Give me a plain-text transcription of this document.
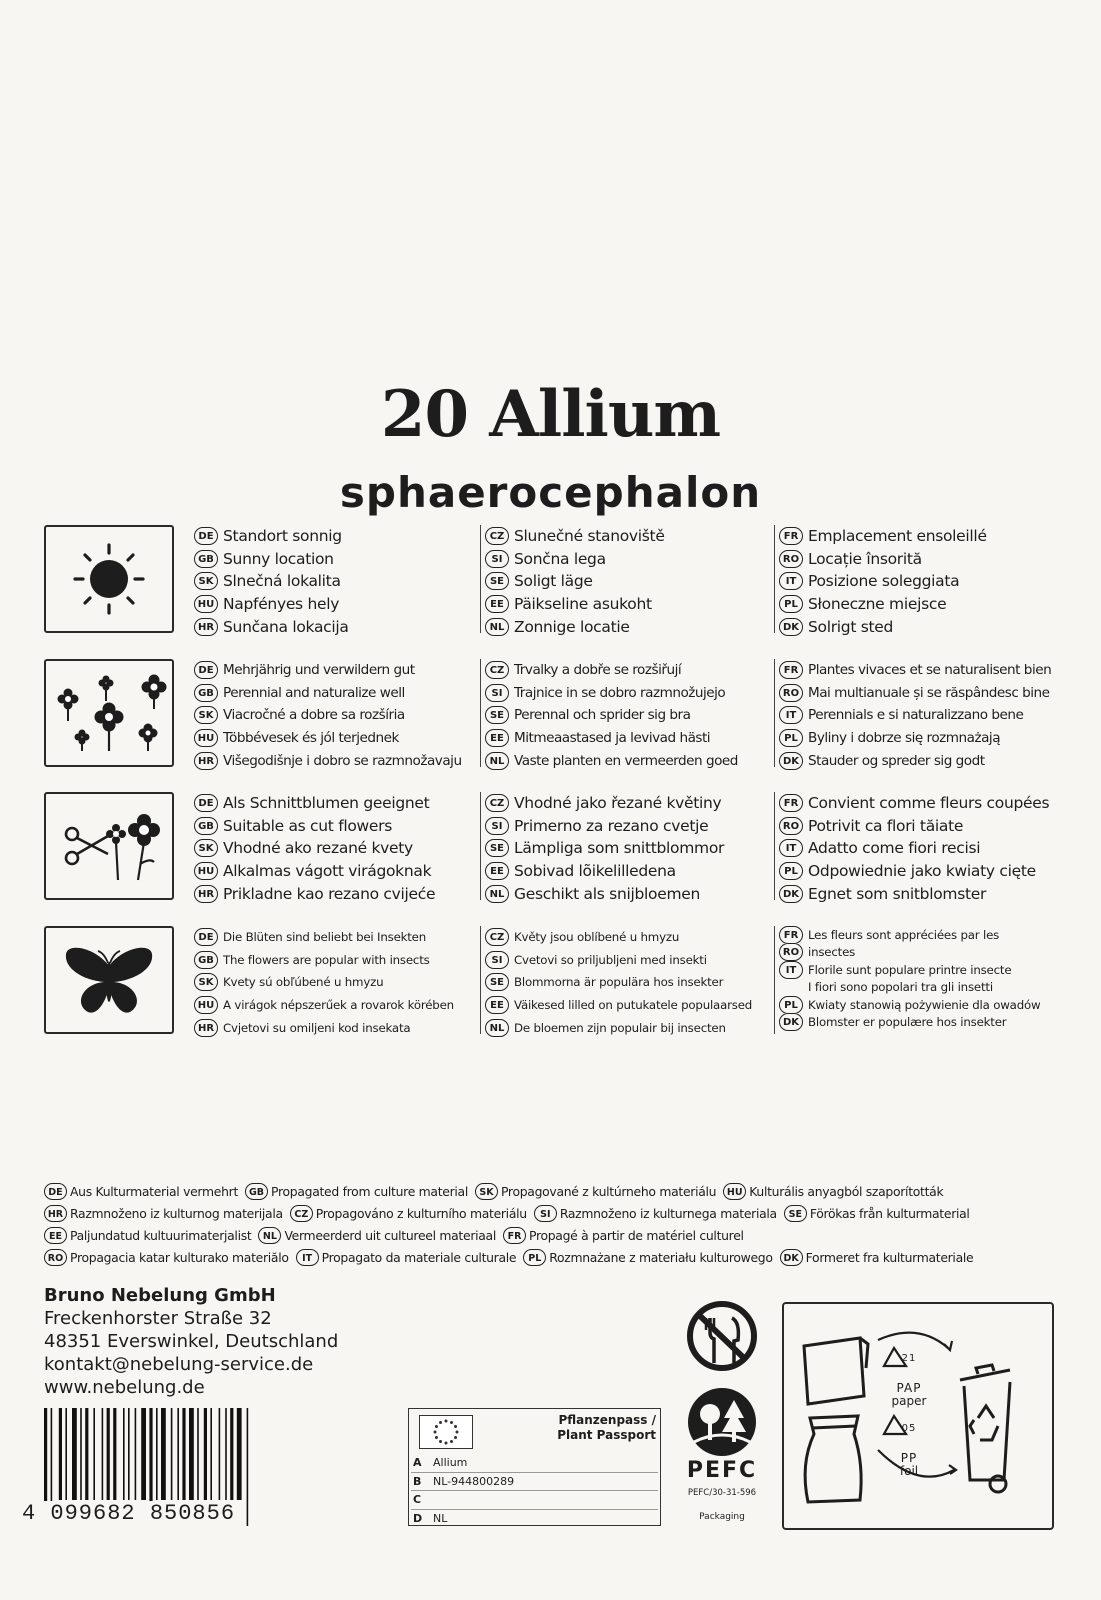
20 Allium
sphaerocephalon
DE Standort sonnig
GB Sunny location
SK Slnečná lokalita
HU Napfényes hely
HR Sunčana lokacija
CZ Slunečné stanoviště
SI Sončna lega
SE Soligt läge
EE Päikseline asukoht
NL Zonnige locatie
FR Emplacement ensoleillé
RO Locație însorită
IT Posizione soleggiata
PL Słoneczne miejsce
DK Solrigt sted
DE Mehrjährig und verwildern gut
GB Perennial and naturalize well
SK Viacročné a dobre sa rozšíria
HU Többévesek és jól terjednek
HR Višegodišnje i dobro se razmnožavaju
CZ Trvalky a dobře se rozšiřují
SI Trajnice in se dobro razmnožujejo
SE Perennal och sprider sig bra
EE Mitmeaastased ja levivad hästi
NL Vaste planten en vermeerden goed
FR Plantes vivaces et se naturalisent bien
RO Mai multianuale și se răspândesc bine
IT Perennials e si naturalizzano bene
PL Byliny i dobrze się rozmnażają
DK Stauder og spreder sig godt
DE Als Schnittblumen geeignet
GB Suitable as cut flowers
SK Vhodné ako rezané kvety
HU Alkalmas vágott virágoknak
HR Prikladne kao rezano cvijeće
CZ Vhodné jako řezané květiny
SI Primerno za rezano cvetje
SE Lämpliga som snittblommor
EE Sobivad lõikelilledena
NL Geschikt als snijbloemen
FR Convient comme fleurs coupées
RO Potrivit ca flori tăiate
IT Adatto come fiori recisi
PL Odpowiednie jako kwiaty cięte
DK Egnet som snitblomster
DE Die Blüten sind beliebt bei Insekten
GB The flowers are popular with insects
SK Kvety sú obľúbené u hmyzu
HU A virágok népszerűek a rovarok körében
HR Cvjetovi su omiljeni kod insekata
CZ Květy jsou oblíbené u hmyzu
SI Cvetovi so priljubljeni med insekti
SE Blommorna är populära hos insekter
EE Väikesed lilled on putukatele populaarsed
NL De bloemen zijn populair bij insecten
FR Les fleurs sont appréciées par les
RO insectes
IT Florile sunt populare printre insecte
I fiori sono popolari tra gli insetti
PL Kwiaty stanowią pożywienie dla owadów
DK Blomster er populære hos insekter
DE Aus Kulturmaterial vermehrt	GB Propagated from culture material	SK Propagované z kultúrneho materiálu	HU Kulturális anyagból szaporították
HR Razmnoženo iz kulturnog materijala	CZ Propagováno z kulturního materiálu	SI Razmnoženo iz kulturnega materiala	SE Förökas från kulturmaterial
EE Paljundatud kultuurimaterjalist	NL Vermeerderd uit cultureel materiaal	FR Propagé à partir de matériel culturel
RO Propagacia katar kulturako materiălo	IT Propagato da materiale culturale	PL Rozmnażane z materiału kulturowego	DK Formeret fra kulturmateriale
Bruno Nebelung GmbH
Freckenhorster Straße 32
48351 Everswinkel, Deutschland
kontakt@nebelung-service.de
www.nebelung.de
4 099682 850856
Pflanzenpass /
Plant Passport
A	Allium
B	NL-944800289
C
D NL
PEFC
PEFC/30-31-596
Packaging
21
PAP
paper
05
PP
foil
